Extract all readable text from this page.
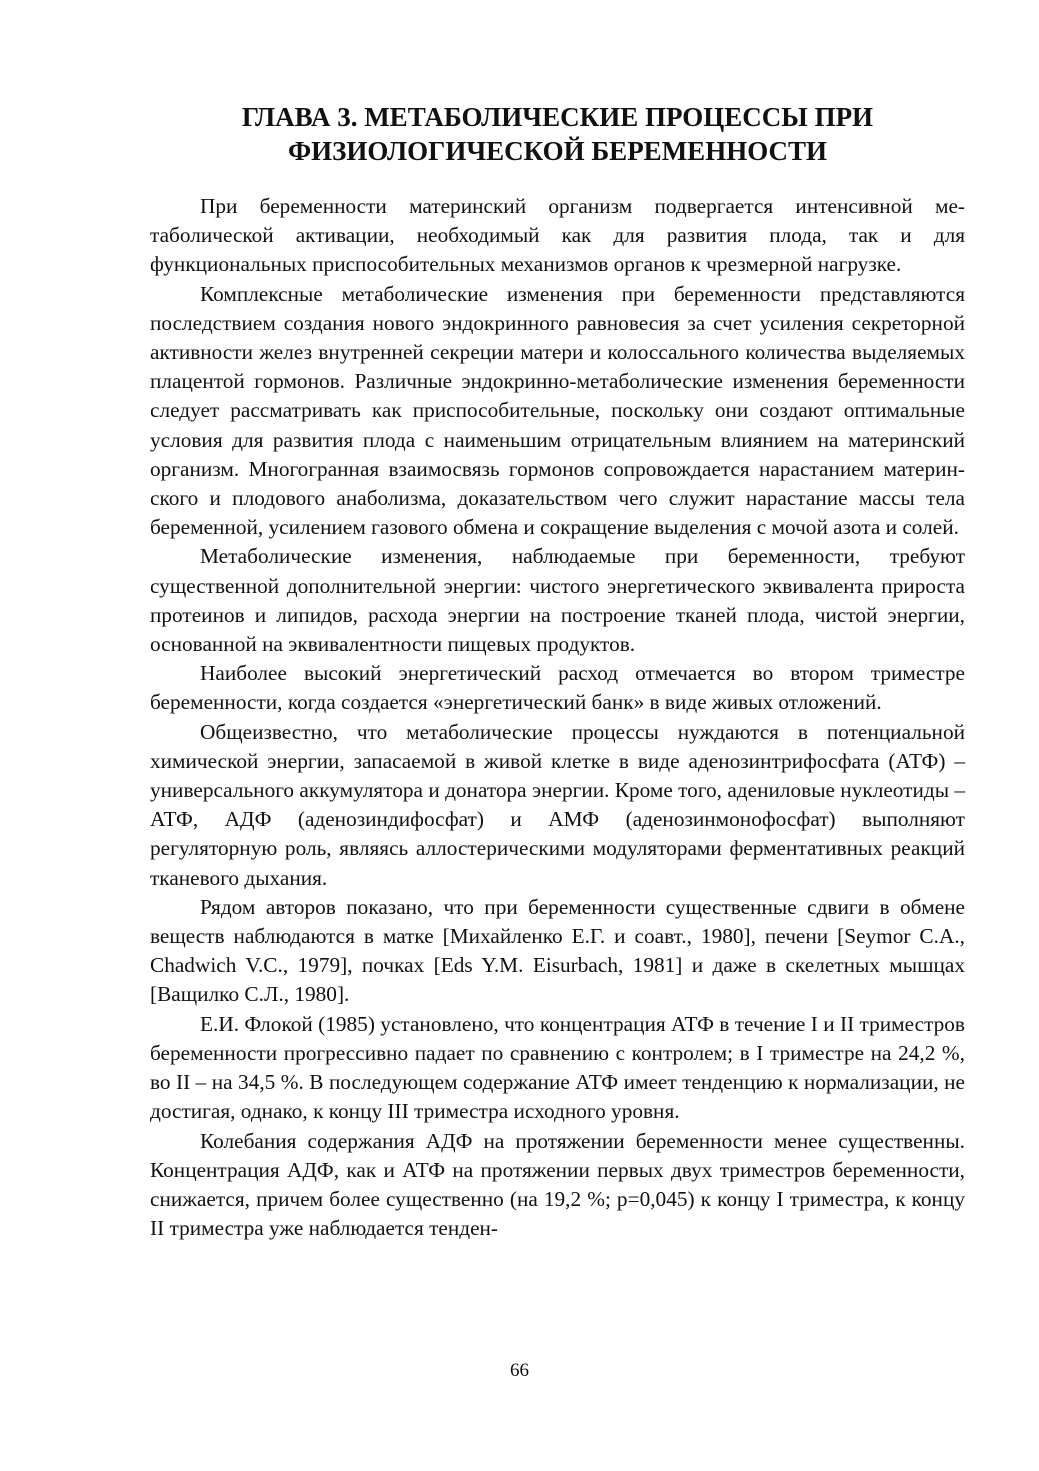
ГЛАВА 3. МЕТАБОЛИЧЕСКИЕ ПРОЦЕССЫ ПРИ
ФИЗИОЛОГИЧЕСКОЙ БЕРЕМЕННОСТИ

При беременности материнский организм подвергается интенсивной метаболической активации, необходимый как для развития плода, так и для функциональных приспособительных механизмов органов к чрезмерной нагрузке.

Комплексные метаболические изменения при беременности представляются последствием создания нового эндокринного равновесия за счет усиления секреторной активности желез внутренней секреции матери и колоссального количества выделяемых плацентой гормонов. Различные эндокринно-метаболические изменения беременности следует рассматривать как приспособительные, поскольку они создают оптимальные условия для развития плода с наименьшим отрицательным влиянием на материнский организм. Многогранная взаимосвязь гормонов сопровождается нарастанием материнского и плодового анаболизма, доказательством чего служит нарастание массы тела беременной, усилением газового обмена и сокращение выделения с мочой азота и солей.

Метаболические изменения, наблюдаемые при беременности, требуют существенной дополнительной энергии: чистого энергетического эквивалента прироста протеинов и липидов, расхода энергии на построение тканей плода, чистой энергии, основанной на эквивалентности пищевых продуктов.

Наиболее высокий энергетический расход отмечается во втором триместре беременности, когда создается «энергетический банк» в виде живых отложений.

Общеизвестно, что метаболические процессы нуждаются в потенциальной химической энергии, запасаемой в живой клетке в виде аденозинтрифосфата (АТФ) – универсального аккумулятора и донатора энергии. Кроме того, адениловые нуклеотиды – АТФ, АДФ (аденозиндифосфат) и АМФ (аденозинмонофосфат) выполняют регуляторную роль, являясь аллостерическими модуляторами ферментативных реакций тканевого дыхания.

Рядом авторов показано, что при беременности существенные сдвиги в обмене веществ наблюдаются в матке [Михайленко Е.Г. и соавт., 1980], печени [Seymor C.A., Chadwich V.C., 1979], почках [Eds Y.M. Eisurbach, 1981] и даже в скелетных мышцах [Ващилко С.Л., 1980].

Е.И. Флокой (1985) установлено, что концентрация АТФ в течение I и II триместров беременности прогрессивно падает по сравнению с контролем; в I триместре на 24,2 %, во II – на 34,5 %. В последующем содержание АТФ имеет тенденцию к нормализации, не достигая, однако, к концу III триместра исходного уровня.

Колебания содержания АДФ на протяжении беременности менее существенны. Концентрация АДФ, как и АТФ на протяжении первых двух триместров беременности, снижается, причем более существенно (на 19,2 %; р=0,045) к концу I триместра, к концу II триместра уже наблюдается тенден-

66
